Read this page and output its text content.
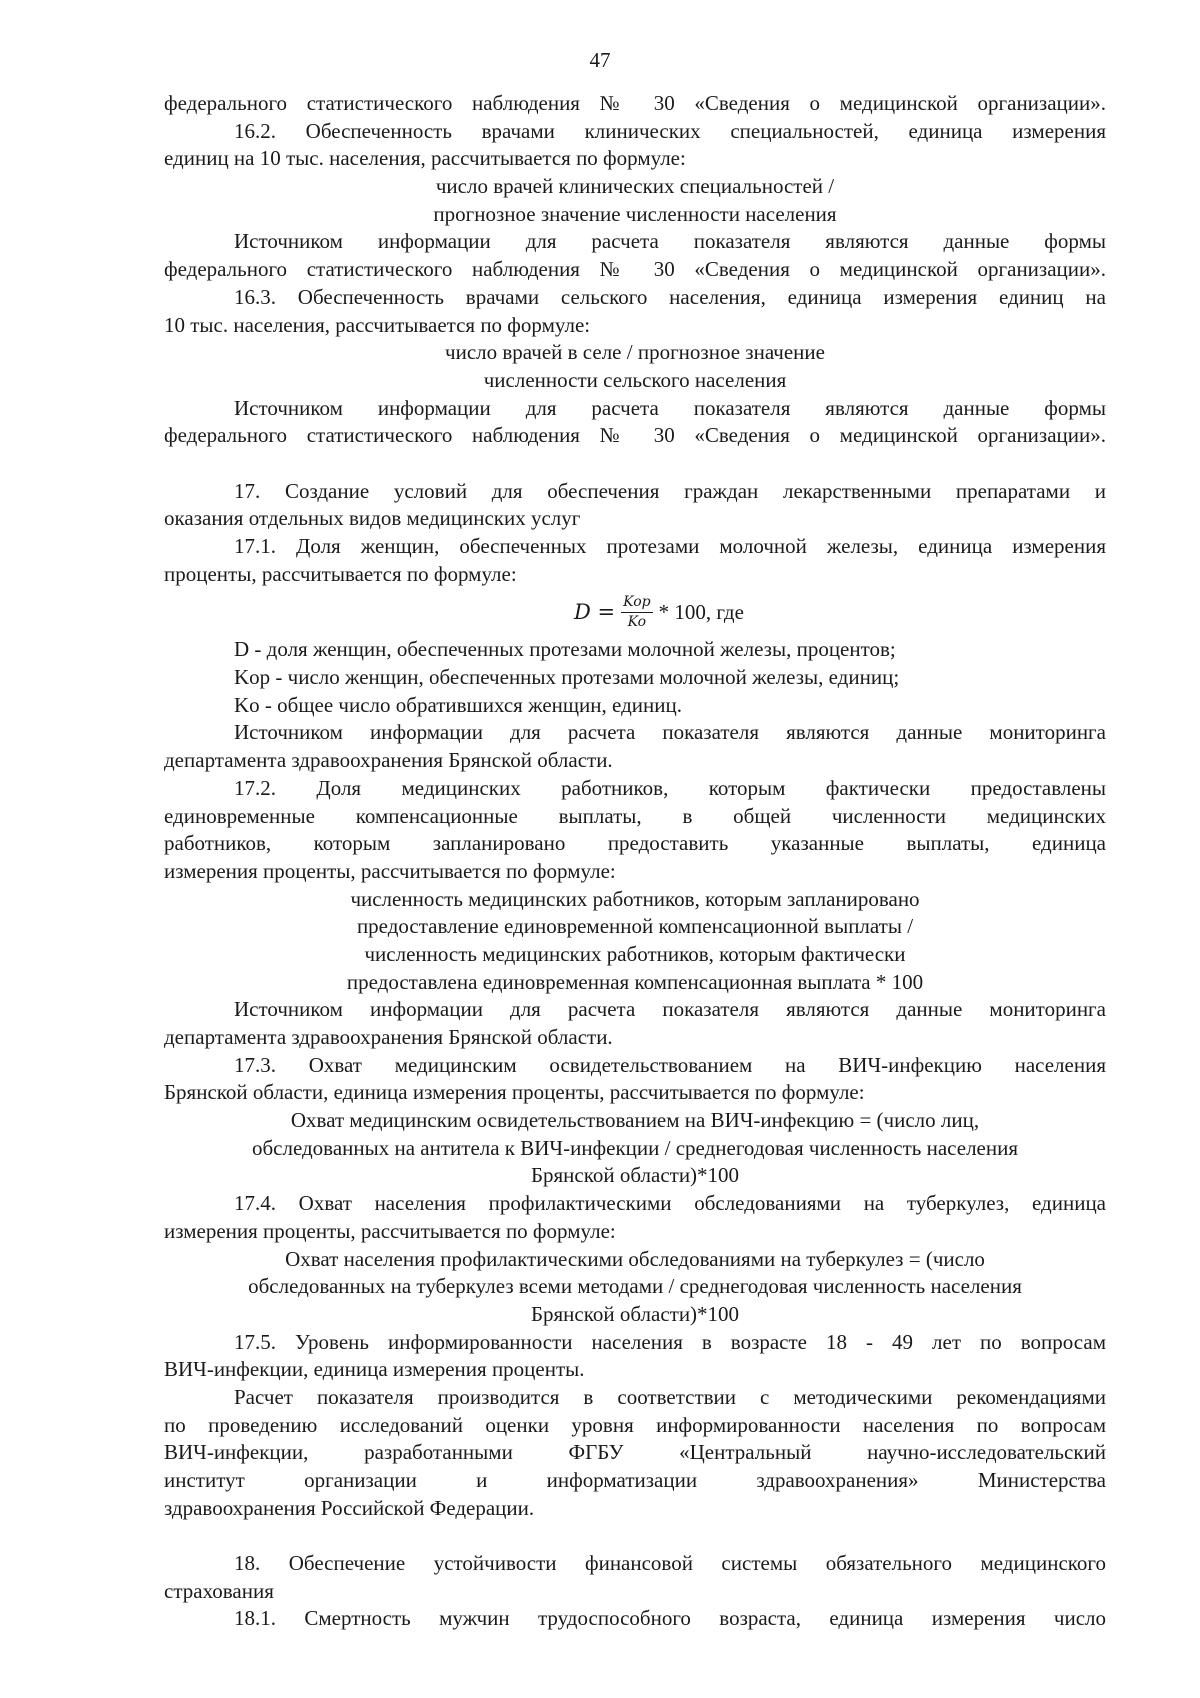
47
федерального статистического наблюдения № 30 «Сведения о медицинской организации».
16.2. Обеспеченность врачами клинических специальностей, единица измерения
единиц на 10 тыс. населения, рассчитывается по формуле:
число врачей клинических специальностей /
прогнозное значение численности населения
Источником информации для расчета показателя являются данные формы
федерального статистического наблюдения № 30 «Сведения о медицинской организации».
16.3. Обеспеченность врачами сельского населения, единица измерения единиц на
10 тыс. населения, рассчитывается по формуле:
число врачей в селе / прогнозное значение
численности сельского населения
Источником информации для расчета показателя являются данные формы
федерального статистического наблюдения № 30 «Сведения о медицинской организации».
17. Создание условий для обеспечения граждан лекарственными препаратами и
оказания отдельных видов медицинских услуг
17.1. Доля женщин, обеспеченных протезами молочной железы, единица измерения
проценты, рассчитывается по формуле:
$D = \frac{\text{Kop}}{Ko} * 100$, где
D - доля женщин, обеспеченных протезами молочной железы, процентов;
Kор - число женщин, обеспеченных протезами молочной железы, единиц;
Kо - общее число обратившихся женщин, единиц.
Источником информации для расчета показателя являются данные мониторинга
департамента здравоохранения Брянской области.
17.2. Доля медицинских работников, которым фактически предоставлены
единовременные компенсационные выплаты, в общей численности медицинских
работников, которым запланировано предоставить указанные выплаты, единица
измерения проценты, рассчитывается по формуле:
численность медицинских работников, которым запланировано
предоставление единовременной компенсационной выплаты /
численность медицинских работников, которым фактически
предоставлена единовременная компенсационная выплата * 100
Источником информации для расчета показателя являются данные мониторинга
департамента здравоохранения Брянской области.
17.3. Охват медицинским освидетельствованием на ВИЧ-инфекцию населения
Брянской области, единица измерения проценты, рассчитывается по формуле:
Охват медицинским освидетельствованием на ВИЧ-инфекцию = (число лиц,
обследованных на антитела к ВИЧ-инфекции / среднегодовая численность населения
Брянской области)*100
17.4. Охват населения профилактическими обследованиями на туберкулез, единица
измерения проценты, рассчитывается по формуле:
Охват населения профилактическими обследованиями на туберкулез = (число
обследованных на туберкулез всеми методами / среднегодовая численность населения
Брянской области)*100
17.5. Уровень информированности населения в возрасте 18 - 49 лет по вопросам
ВИЧ-инфекции, единица измерения проценты.
Расчет показателя производится в соответствии с методическими рекомендациями
по проведению исследований оценки уровня информированности населения по вопросам
ВИЧ-инфекции, разработанными ФГБУ «Центральный научно-исследовательский
институт организации и информатизации здравоохранения» Министерства
здравоохранения Российской Федерации.
18. Обеспечение устойчивости финансовой системы обязательного медицинского
страхования
18.1. Смертность мужчин трудоспособного возраста, единица измерения число
